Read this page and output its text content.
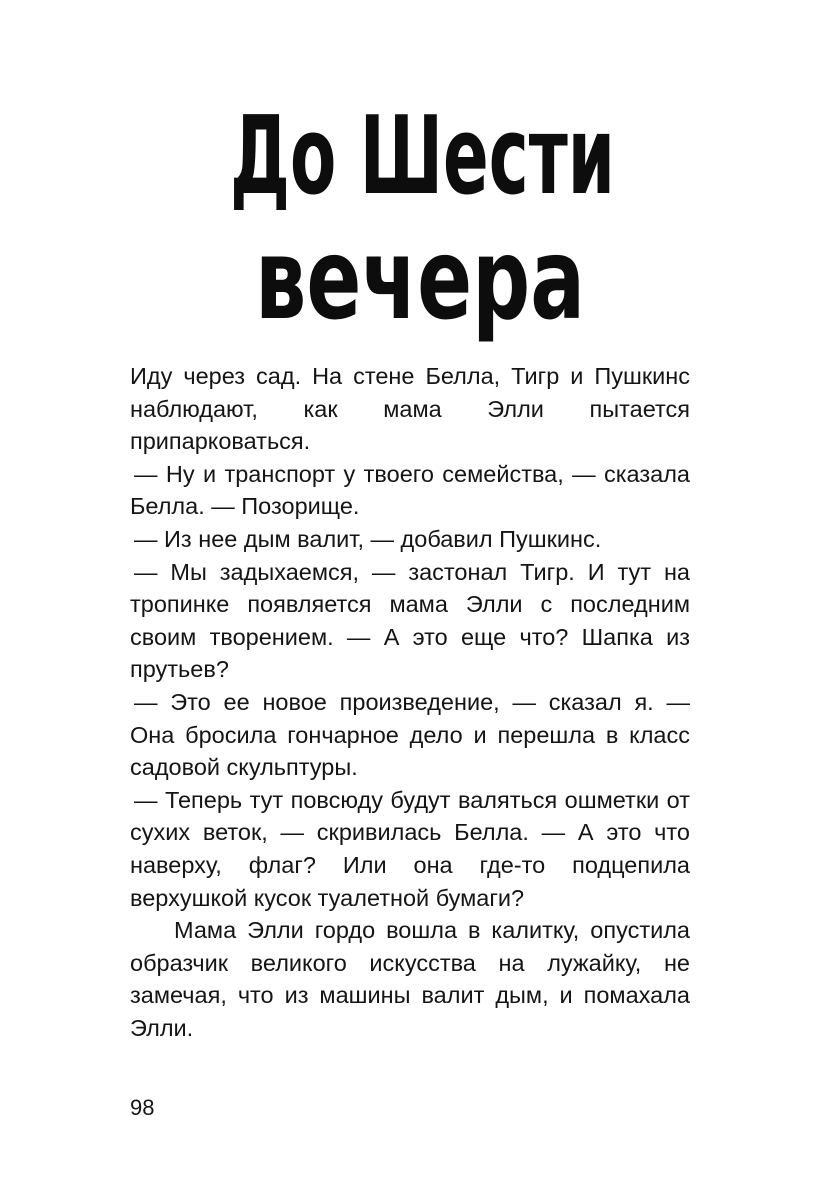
До Шести
вечера

Иду через сад. На стене Белла, Тигр и Пушкинс наблюдают, как мама Элли пытается припарковаться.

— Ну и транспорт у твоего семейства, — сказала Белла. — Позорище.

— Из нее дым валит, — добавил Пушкинс.

— Мы задыхаемся, — застонал Тигр. И тут на тропинке появляется мама Элли с последним своим творением. — А это еще что? Шапка из прутьев?

— Это ее новое произведение, — сказал я. — Она бросила гончарное дело и перешла в класс садовой скульптуры.

— Теперь тут повсюду будут валяться ошметки от сухих веток, — скривилась Белла. — А это что наверху, флаг? Или она где-то подцепила верхушкой кусок туалетной бумаги?

Мама Элли гордо вошла в калитку, опустила образчик великого искусства на лужайку, не замечая, что из машины валит дым, и помахала Элли.

98
